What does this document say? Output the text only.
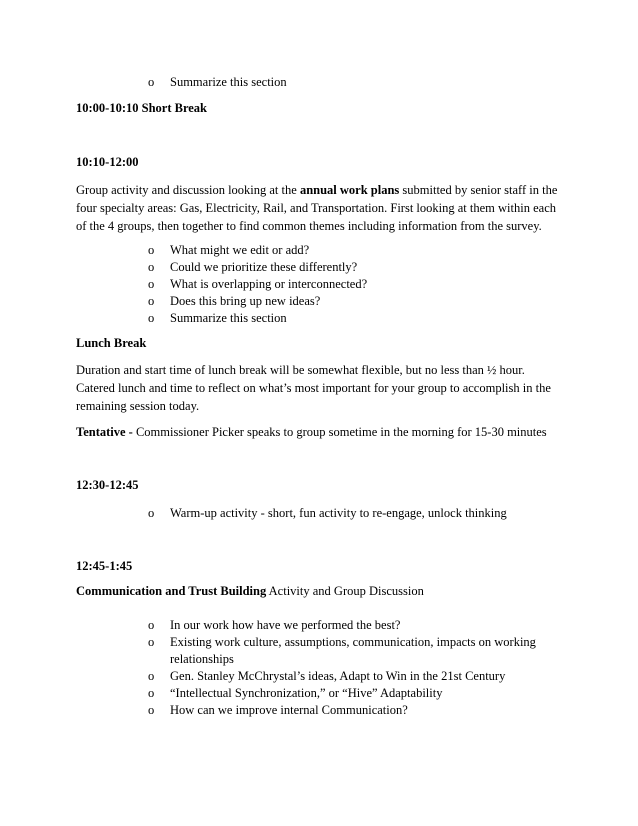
o Summarize this section
10:00-10:10 Short Break
10:10-12:00
Group activity and discussion looking at the annual work plans submitted by senior staff in the four specialty areas: Gas, Electricity, Rail, and Transportation. First looking at them within each of the 4 groups, then together to find common themes including information from the survey.
o What might we edit or add?
o Could we prioritize these differently?
o What is overlapping or interconnected?
o Does this bring up new ideas?
o Summarize this section
Lunch Break
Duration and start time of lunch break will be somewhat flexible, but no less than ½ hour. Catered lunch and time to reflect on what’s most important for your group to accomplish in the remaining session today.
Tentative - Commissioner Picker speaks to group sometime in the morning for 15-30 minutes
12:30-12:45
o Warm-up activity - short, fun activity to re-engage, unlock thinking
12:45-1:45
Communication and Trust Building Activity and Group Discussion
o In our work how have we performed the best?
o Existing work culture, assumptions, communication, impacts on working relationships
o Gen. Stanley McChrystal’s ideas, Adapt to Win in the 21st Century
o “Intellectual Synchronization,” or “Hive” Adaptability
o How can we improve internal Communication?
